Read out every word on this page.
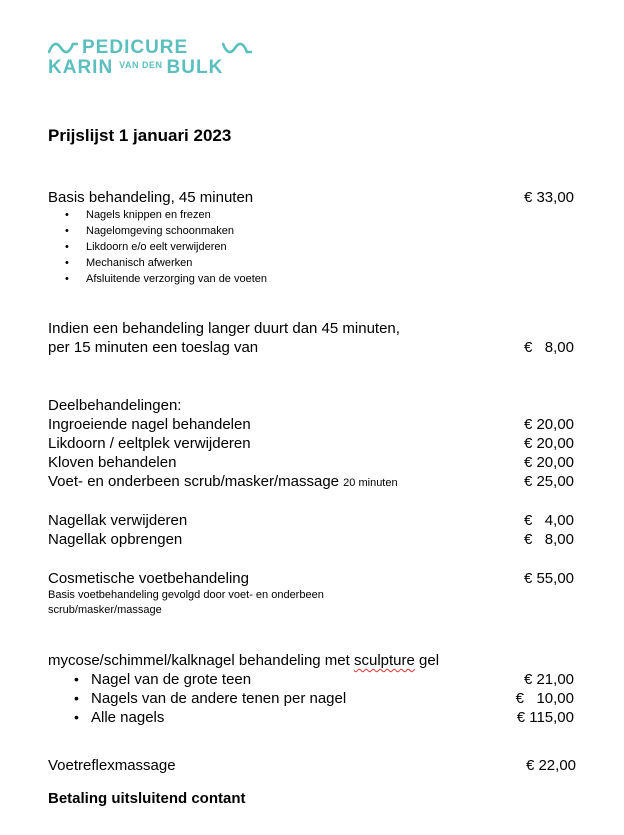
PEDICURE
KARIN VAN DEN BULK
Prijslijst 1 januari 2023
Basis behandeling, 45 minuten	€ 33,00
• Nagels knippen en frezen
• Nagelomgeving schoonmaken
• Likdoorn e/o eelt verwijderen
• Mechanisch afwerken
• Afsluitende verzorging van de voeten
Indien een behandeling langer duurt dan 45 minuten,
per 15 minuten een toeslag van	€   8,00
Deelbehandelingen:
Ingroeiende nagel behandelen	€ 20,00
Likdoorn / eeltplek verwijderen	€ 20,00
Kloven behandelen	€ 20,00
Voet- en onderbeen scrub/masker/massage 20 minuten	€ 25,00
Nagellak verwijderen	€   4,00
Nagellak opbrengen	€   8,00
Cosmetische voetbehandeling	€ 55,00
Basis voetbehandeling gevolgd door voet- en onderbeen
scrub/masker/massage
mycose/schimmel/kalknagel behandeling met sculpture gel
• Nagel van de grote teen	€ 21,00
• Nagels van de andere tenen per nagel	€   10,00
• Alle nagels	€ 115,00
Voetreflexmassage	€ 22,00
Betaling uitsluitend contant
